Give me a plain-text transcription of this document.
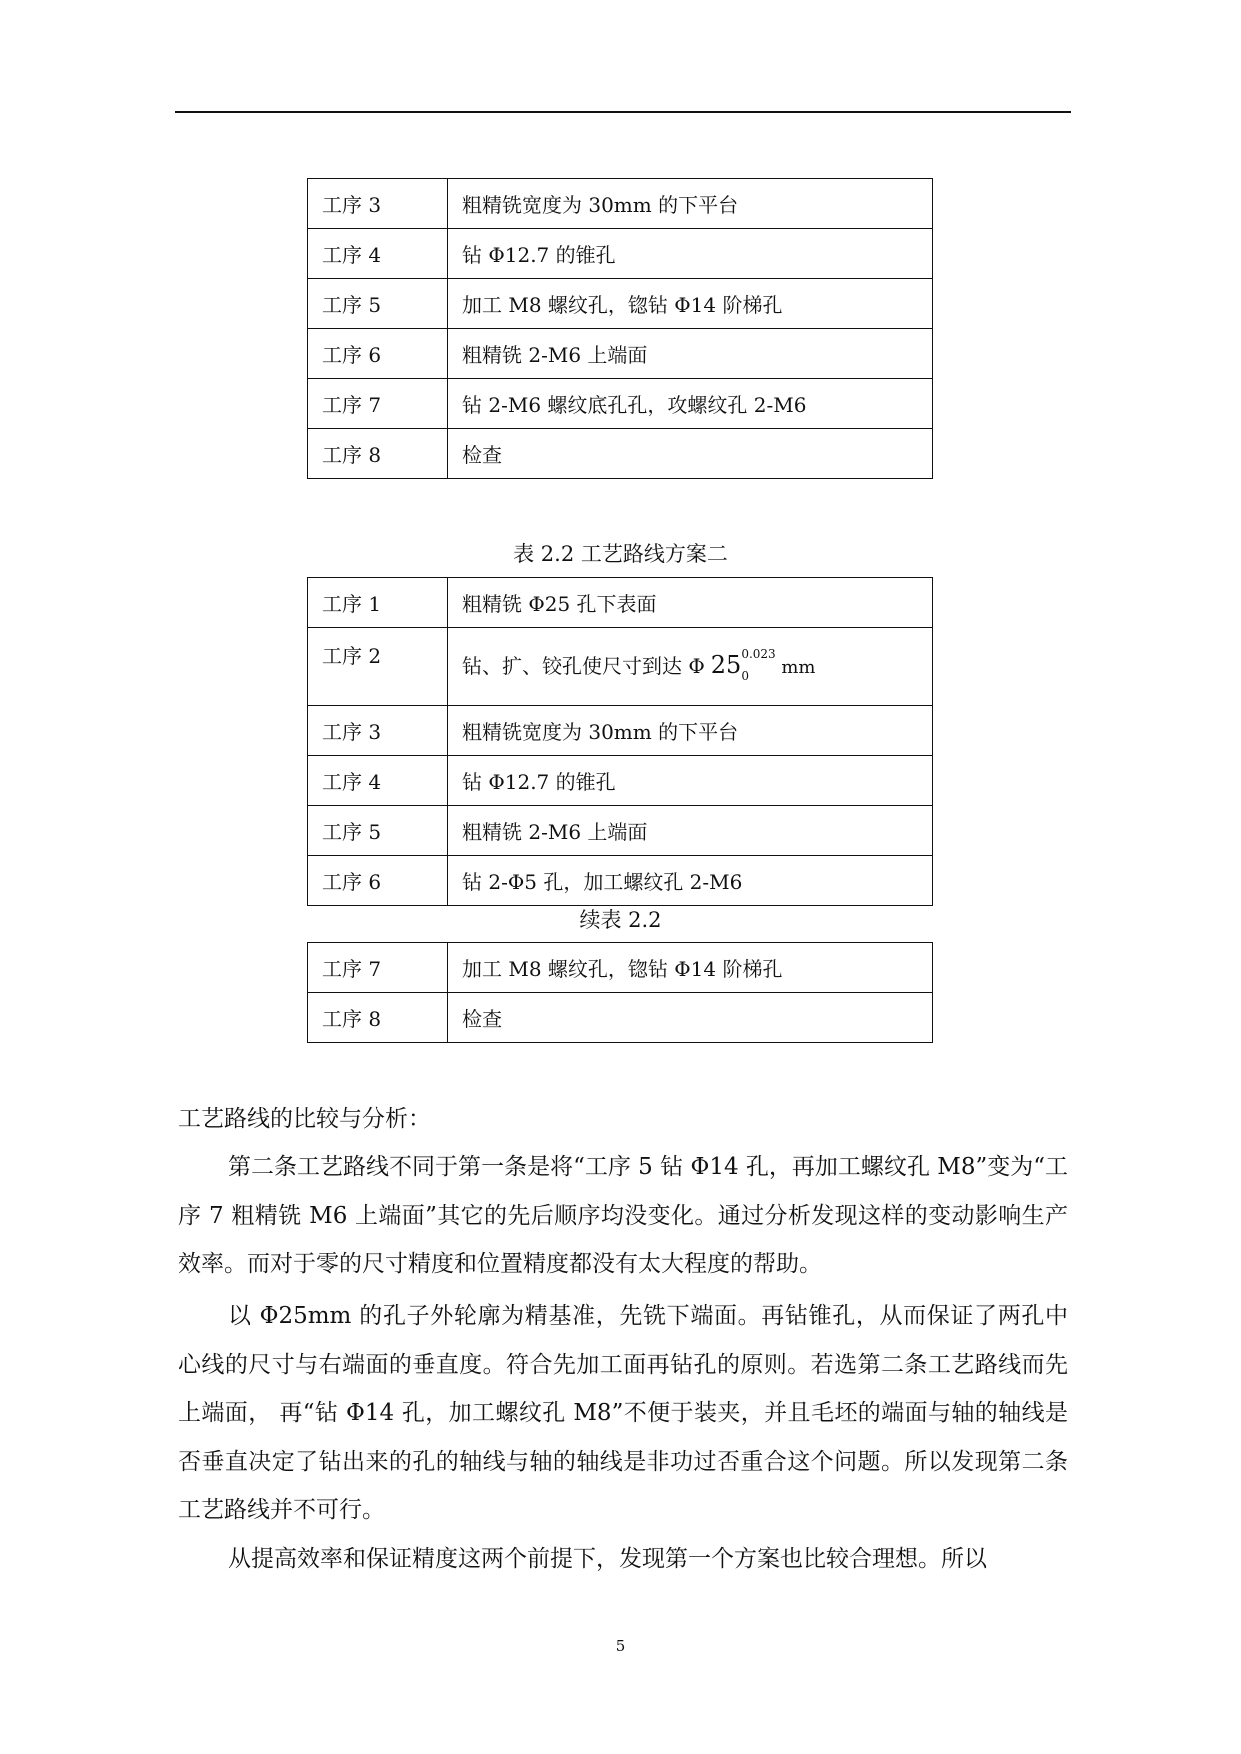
工序 3	粗精铣宽度为 30mm 的下平台
工序 4	钻 Φ12.7 的锥孔
工序 5	加工 M8 螺纹孔，锪钻 Φ14 阶梯孔
工序 6	粗精铣 2-M6 上端面
工序 7	钻 2-M6 螺纹底孔孔，攻螺纹孔 2-M6
工序 8	检查
表 2.2 工艺路线方案二
工序 1	粗精铣 Φ25 孔下表面
工序 2	钻、扩、铰孔使尺寸到达 Φ 25 0.023
0 mm
工序 3	粗精铣宽度为 30mm 的下平台
工序 4	钻 Φ12.7 的锥孔
工序 5	粗精铣 2-M6 上端面
工序 6	钻 2-Φ5 孔，加工螺纹孔 2-M6
续表 2.2
工序 7	加工 M8 螺纹孔，锪钻 Φ14 阶梯孔
工序 8	检查
工艺路线的比较与分析：
第二条工艺路线不同于第一条是将“工序 5 钻 Φ14 孔，再加工螺纹孔 M8”变为“工序 7 粗精铣 M6 上端面”其它的先后顺序均没变化。通过分析发现这样的变动影响生产效率。而对于零的尺寸精度和位置精度都没有太大程度的帮助。
以 Φ25mm 的孔子外轮廓为精基准，先铣下端面。再钻锥孔，从而保证了两孔中心线的尺寸与右端面的垂直度。符合先加工面再钻孔的原则。若选第二条工艺路线而先上端面， 再“钻 Φ14 孔，加工螺纹孔 M8”不便于装夹，并且毛坯的端面与轴的轴线是否垂直决定了钻出来的孔的轴线与轴的轴线是非功过否重合这个问题。所以发现第二条工艺路线并不可行。
从提高效率和保证精度这两个前提下，发现第一个方案也比较合理想。所以
5
